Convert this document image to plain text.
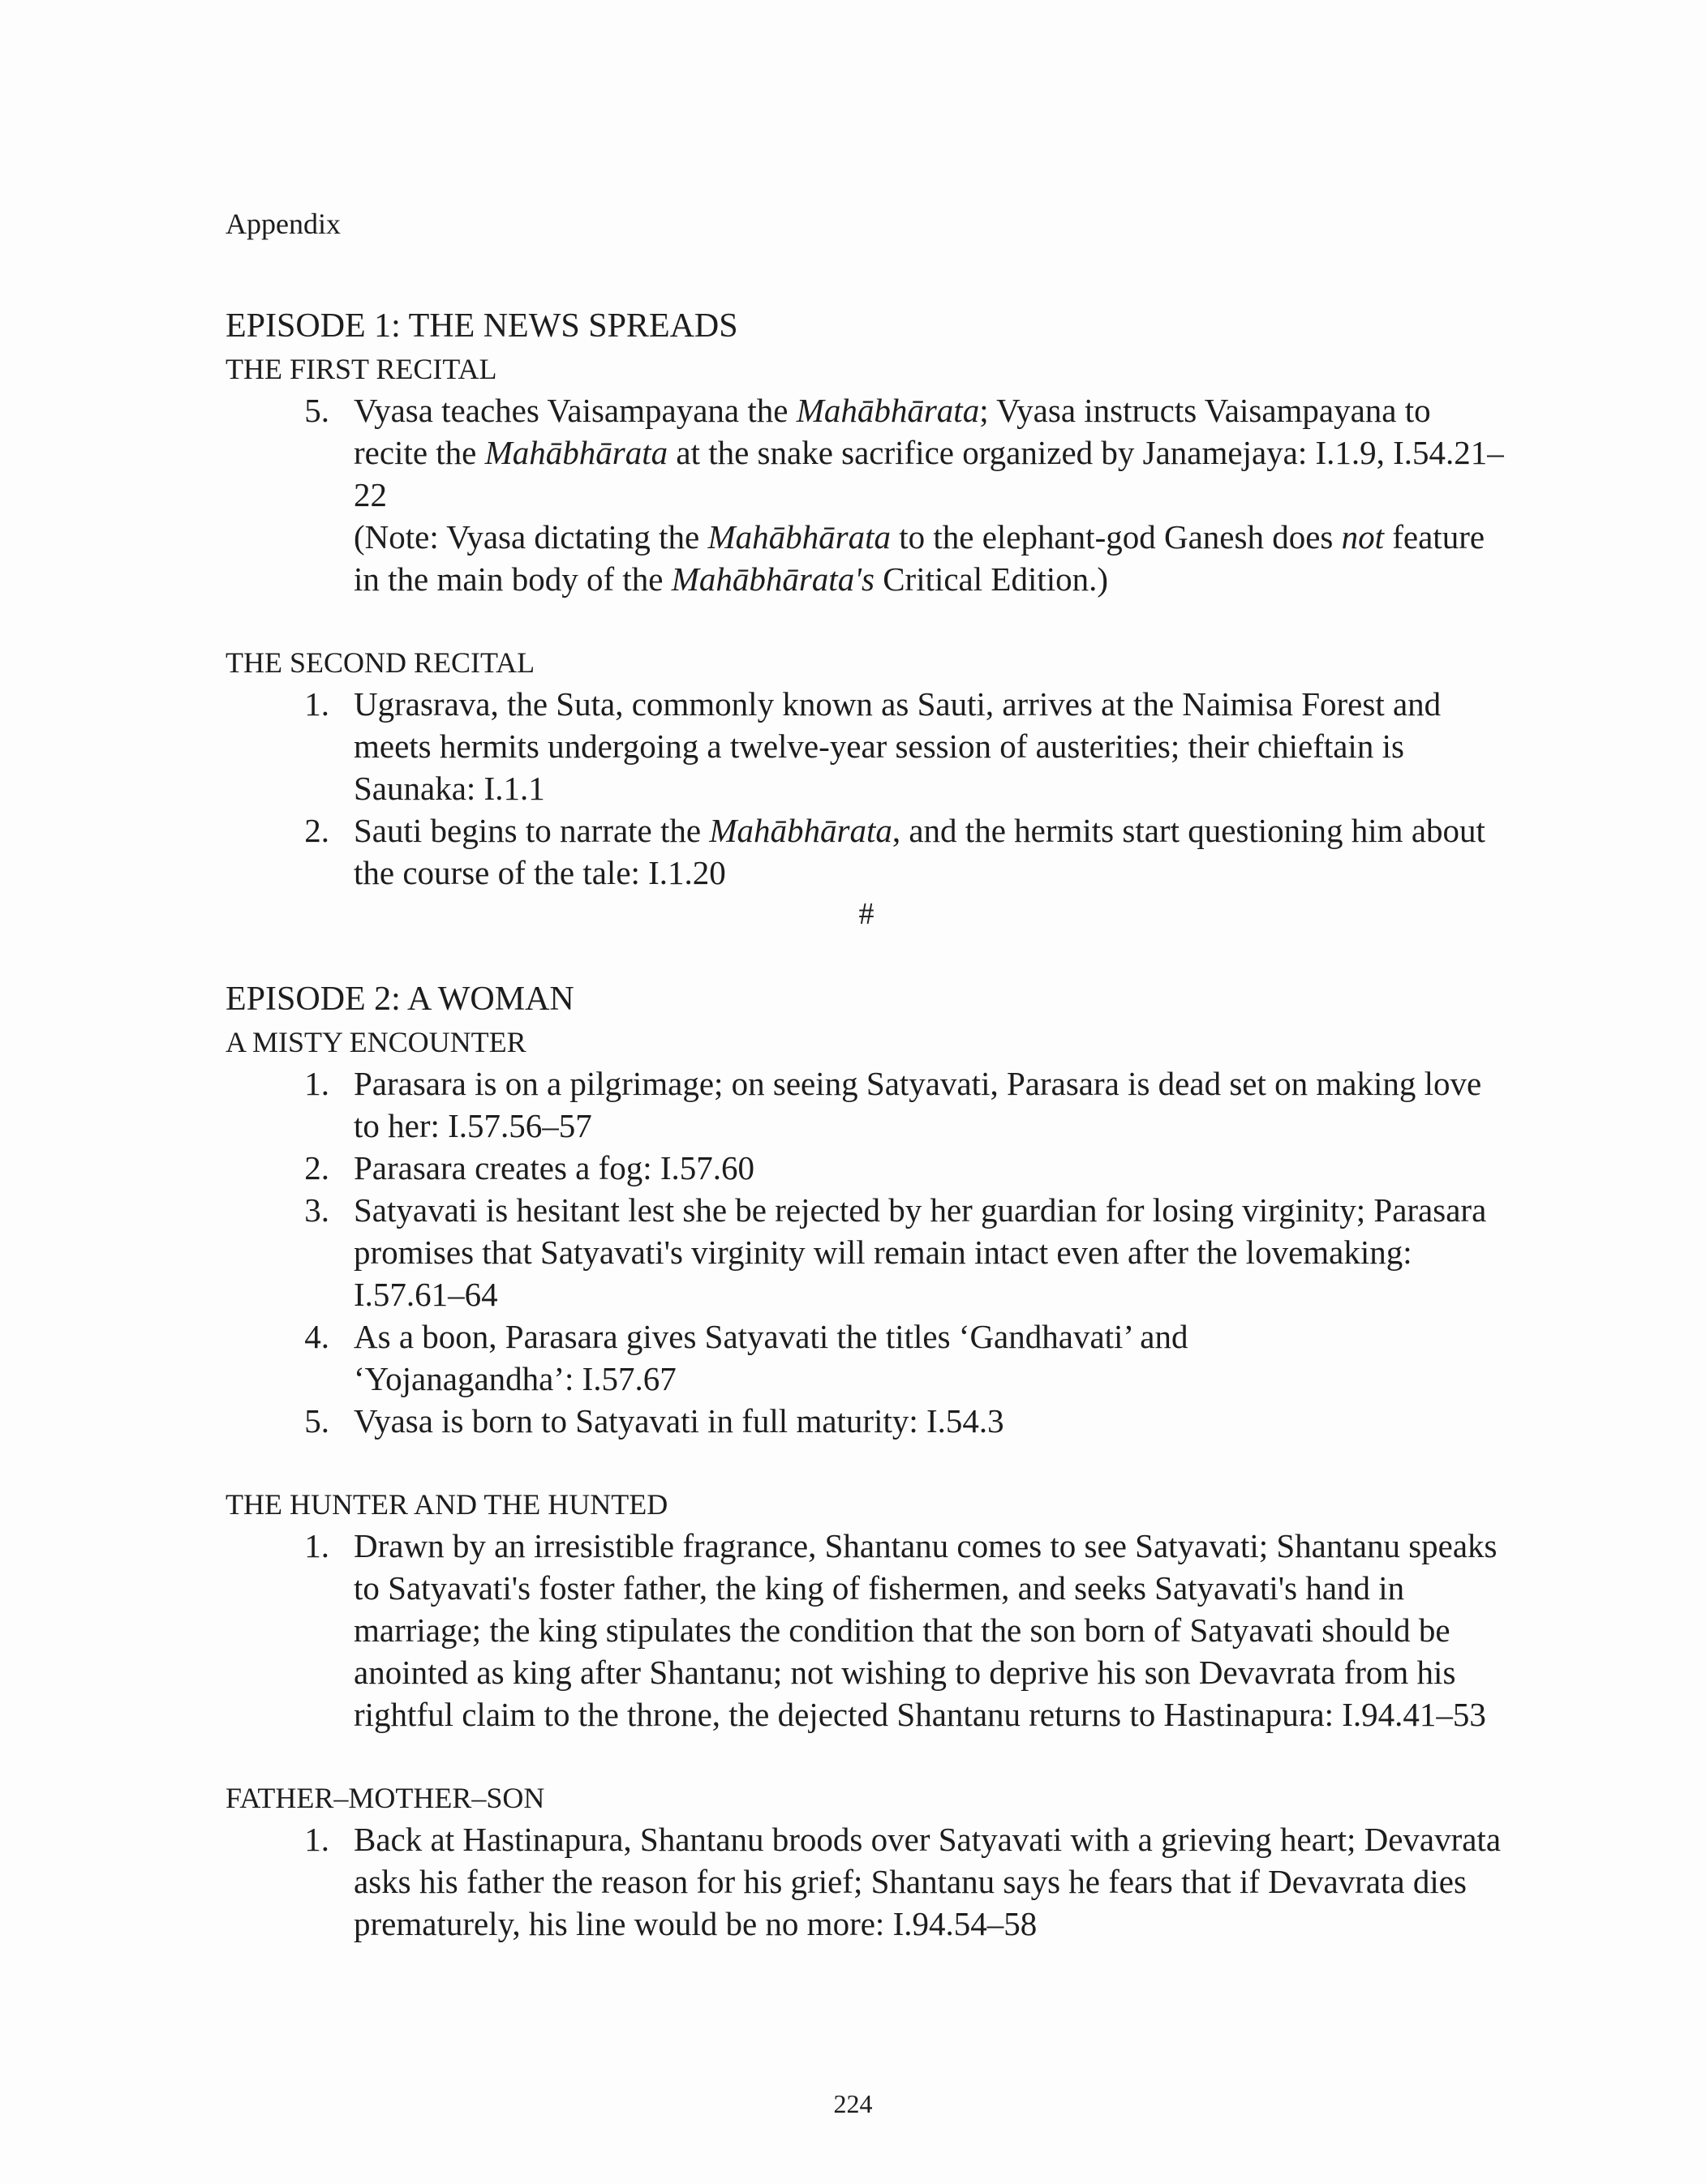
Appendix
EPISODE 1: THE NEWS SPREADS
THE FIRST RECITAL
5. Vyasa teaches Vaisampayana the Mahābhārata; Vyasa instructs Vaisampayana to recite the Mahābhārata at the snake sacrifice organized by Janamejaya: I.1.9, I.54.21–22
(Note: Vyasa dictating the Mahābhārata to the elephant-god Ganesh does not feature in the main body of the Mahābhārata's Critical Edition.)
THE SECOND RECITAL
1. Ugrasrava, the Suta, commonly known as Sauti, arrives at the Naimisa Forest and meets hermits undergoing a twelve-year session of austerities; their chieftain is Saunaka: I.1.1
2. Sauti begins to narrate the Mahābhārata, and the hermits start questioning him about the course of the tale: I.1.20
#
EPISODE 2: A WOMAN
A MISTY ENCOUNTER
1. Parasara is on a pilgrimage; on seeing Satyavati, Parasara is dead set on making love to her: I.57.56–57
2. Parasara creates a fog: I.57.60
3. Satyavati is hesitant lest she be rejected by her guardian for losing virginity; Parasara promises that Satyavati's virginity will remain intact even after the lovemaking: I.57.61–64
4. As a boon, Parasara gives Satyavati the titles ‘Gandhavati’ and ‘Yojanagandha’: I.57.67
5. Vyasa is born to Satyavati in full maturity: I.54.3
THE HUNTER AND THE HUNTED
1. Drawn by an irresistible fragrance, Shantanu comes to see Satyavati; Shantanu speaks to Satyavati's foster father, the king of fishermen, and seeks Satyavati's hand in marriage; the king stipulates the condition that the son born of Satyavati should be anointed as king after Shantanu; not wishing to deprive his son Devavrata from his rightful claim to the throne, the dejected Shantanu returns to Hastinapura: I.94.41–53
FATHER–MOTHER–SON
1. Back at Hastinapura, Shantanu broods over Satyavati with a grieving heart; Devavrata asks his father the reason for his grief; Shantanu says he fears that if Devavrata dies prematurely, his line would be no more: I.94.54–58
224
